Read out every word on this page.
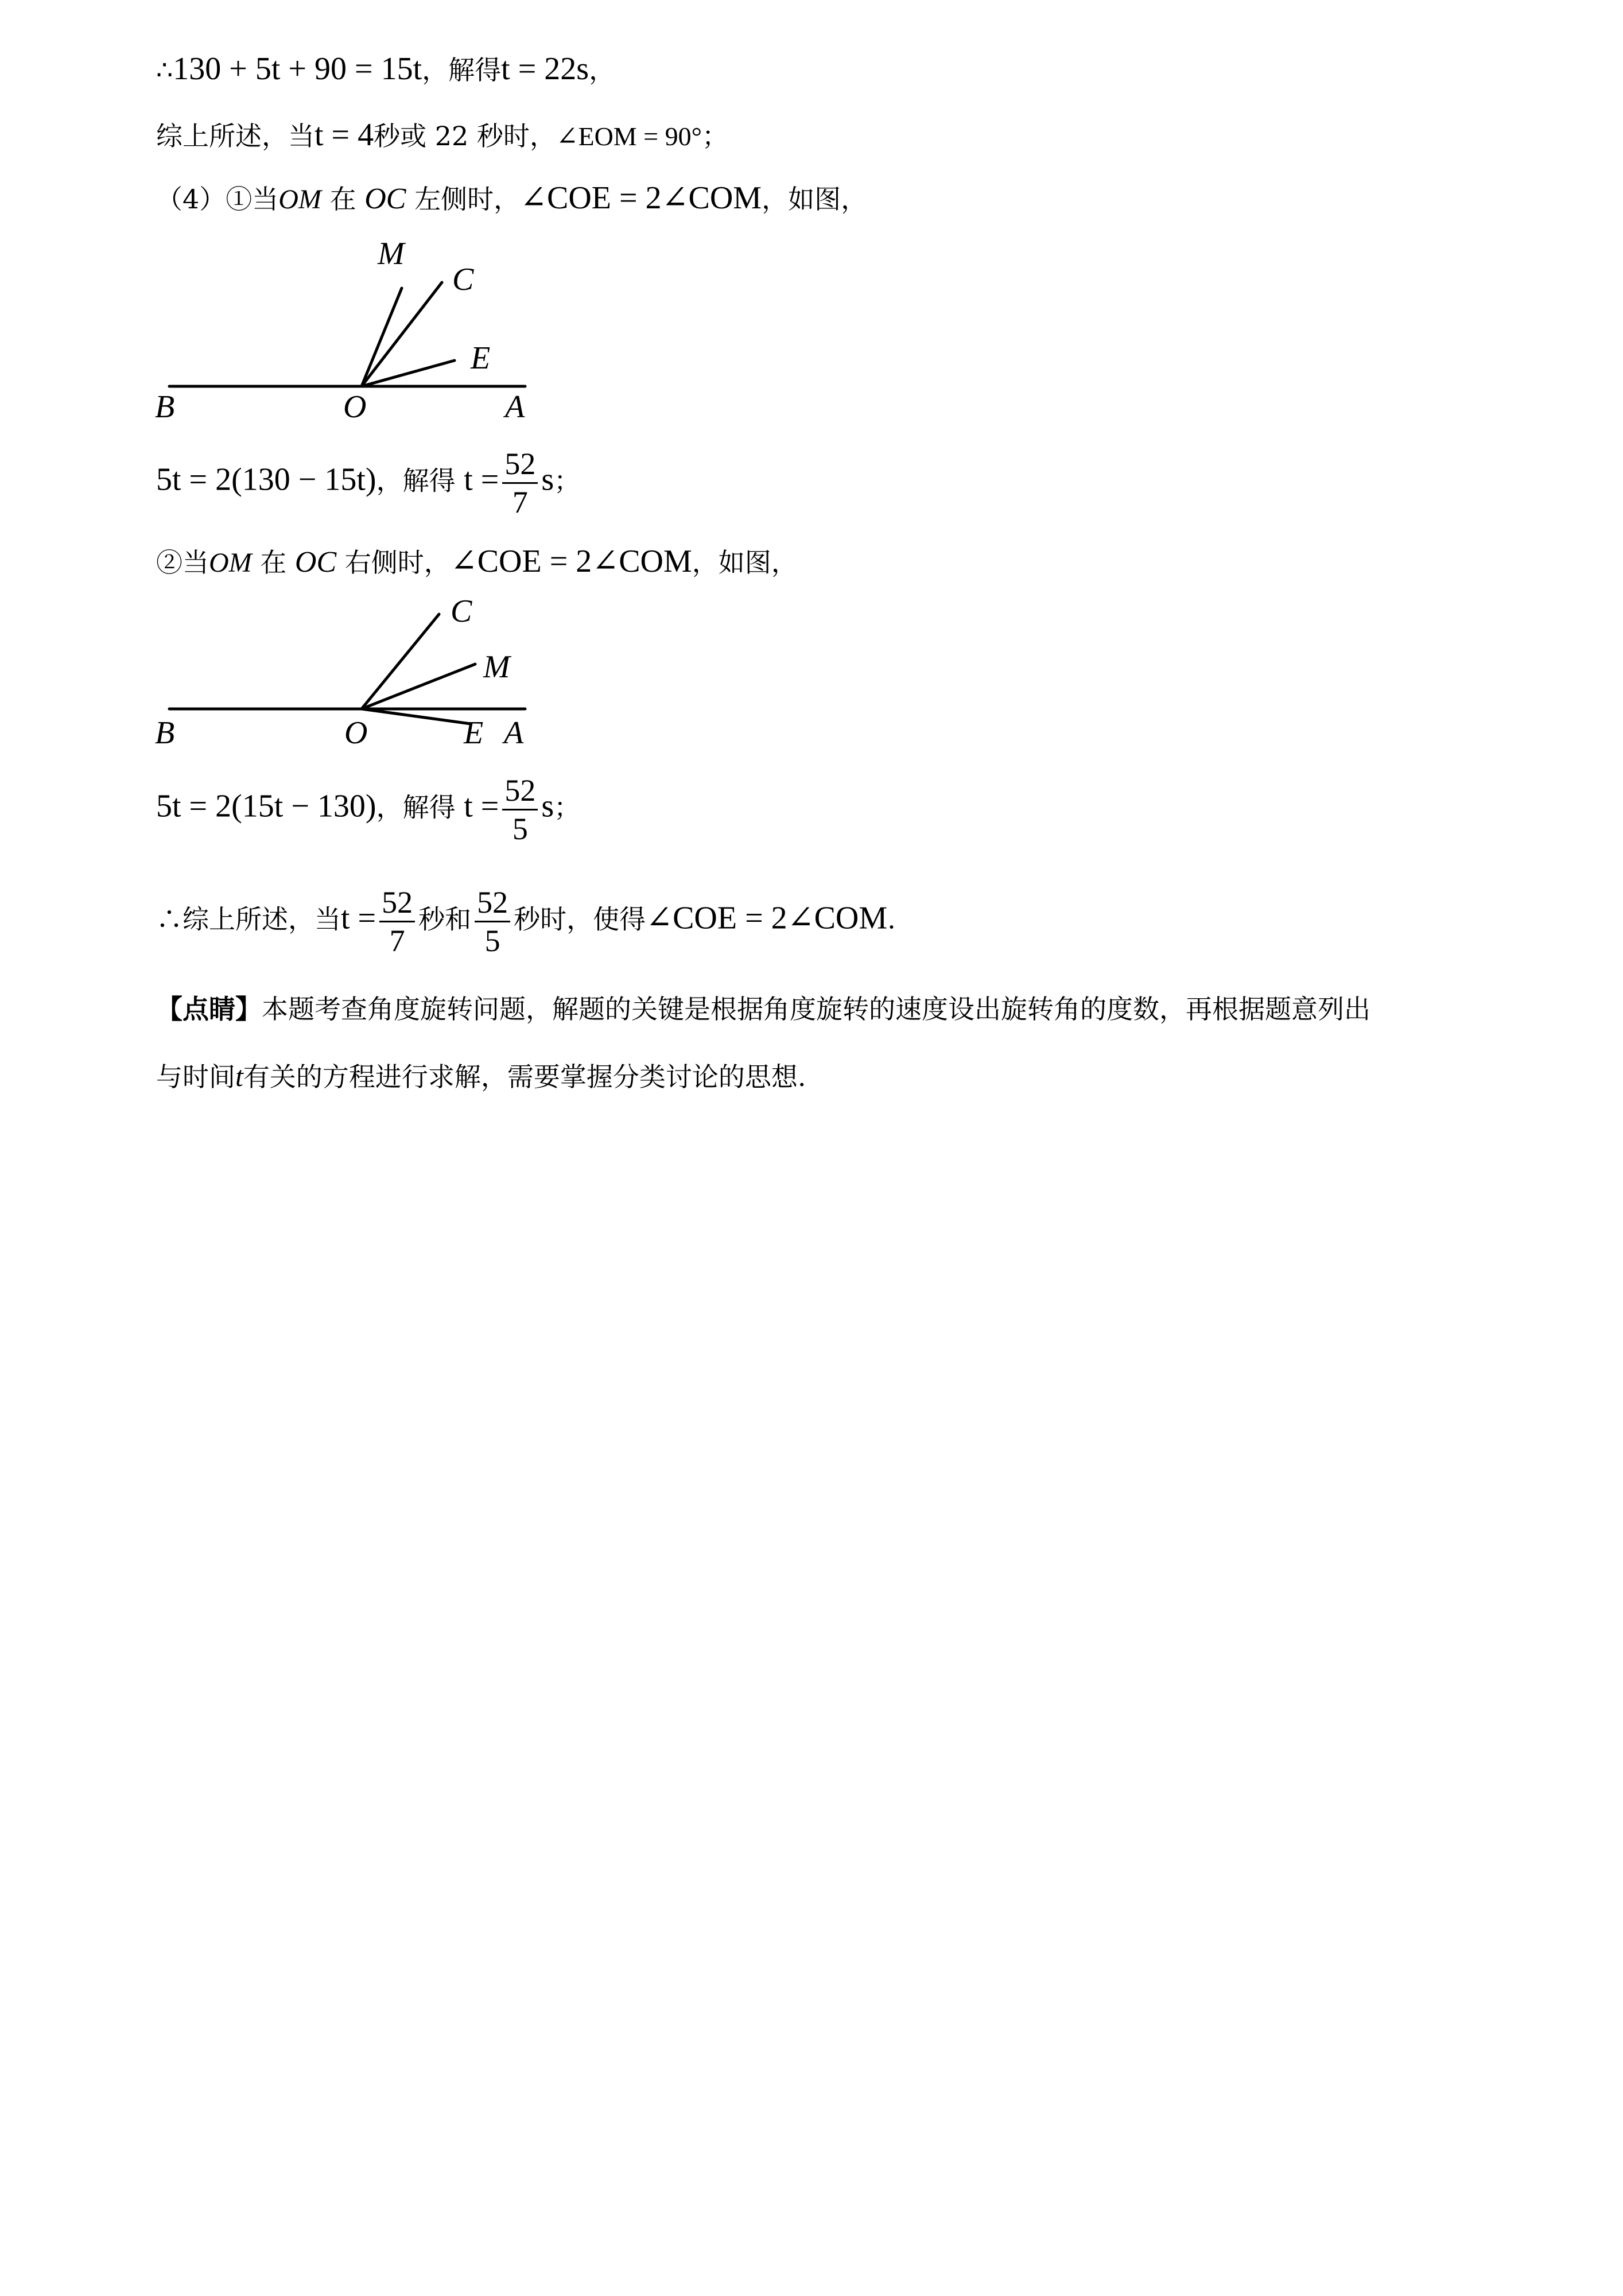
∴130 + 5t + 90 = 15t，解得t = 22s，
综上所述，当t = 4秒或 22 秒时，∠EOM = 90°；
（4）①当OM 在 OC 左侧时，∠COE = 2∠COM，如图，
M
C
E
B	O	A
5t = 2(130 − 15t)，解得 $t = \frac{52}{7}$ s；
②当OM 在 OC 右侧时，∠COE = 2∠COM，如图，
C
M
B	O	E A
5t = 2(15t − 130)，解得 $t = \frac{52}{5}$ s；
∴综上所述，当$t = \frac{52}{7}$ 秒和 $\frac{52}{5}$ 秒时，使得∠COE = 2∠COM.
【点睛】本题考查角度旋转问题，解题的关键是根据角度旋转的速度设出旋转角的度数，再根据题意列出
与时间t有关的方程进行求解，需要掌握分类讨论的思想.
